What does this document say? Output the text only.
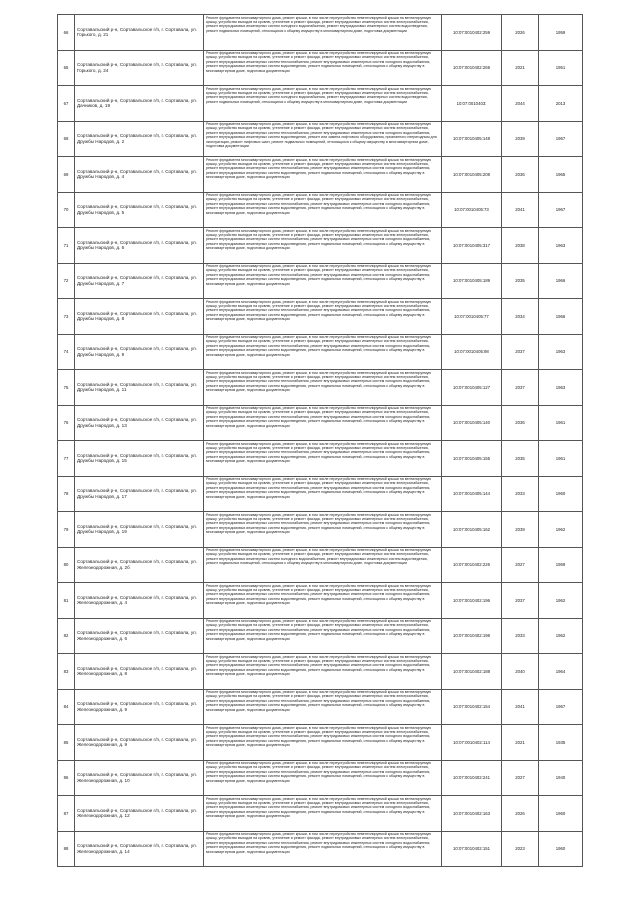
66	Сортавальский р-н, Сортавальское г/п, г. Сортавала, ул. Горького, д. 21	Ремонт фундамента многоквартирного дома, ремонт крыши, в том числе переустройство невентилируемой крыши на вентилируемую крышу, устройство выходов на кровлю, утепление и ремонт фасада, ремонт внутридомовых инженерных систем электроснабжения, ремонт внутридомовых инженерных систем холодного водоснабжения, ремонт внутридомовых инженерных систем водоотведения, ремонт подвальных помещений, относящихся к общему имуществу в многоквартирном доме, подготовка документации	10:07:0010402:259	2026	1959
65	Сортавальский р-н, Сортавальское г/п, г. Сортавала, ул. Горького, д. 24	Ремонт фундамента многоквартирного дома, ремонт крыши, в том числе переустройство невентилируемой крыши на вентилируемую крышу, устройство выходов на кровлю, утепление и ремонт фасада, ремонт внутридомовых инженерных систем электроснабжения, ремонт внутридомовых инженерных систем теплоснабжения, ремонт внутридомовых инженерных систем холодного водоснабжения, ремонт внутридомовых инженерных систем водоотведения, ремонт подвальных помещений, относящихся к общему имуществу в многоквартирном доме, подготовка документации	10:07:0010402:269	2021	1951
67	Сортавальский р-н, Сортавальское г/п, г. Сортавала, ул. Дачников, д. 19	Ремонт фундамента многоквартирного дома, ремонт крыши, в том числе переустройство невентилируемой крыши на вентилируемую крышу, устройство выходов на кровлю, утепление и ремонт фасада, ремонт внутридомовых инженерных систем электроснабжения, ремонт внутридомовых инженерных систем холодного водоснабжения, ремонт внутридомовых инженерных систем водоотведения, ремонт подвальных помещений, относящихся к общему имуществу в многоквартирном доме, подготовка документации	10:07:0010403:	2044	2013
68	Сортавальский р-н, Сортавальское г/п, г. Сортавала, ул. Дружбы Народов, д. 2	Ремонт фундамента многоквартирного дома, ремонт крыши, в том числе переустройство невентилируемой крыши на вентилируемую крышу, устройство выходов на кровлю, утепление и ремонт фасада, ремонт внутридомовых инженерных систем электроснабжения, ремонт внутридомовых инженерных систем теплоснабжения, ремонт внутридомовых инженерных систем холодного водоснабжения, ремонт внутридомовых инженерных систем водоотведения, ремонт или замена лифтового оборудования, признанного непригодным для эксплуатации, ремонт лифтовых шахт, ремонт подвальных помещений, относящихся к общему имуществу в многоквартирном доме, подготовка документации	10:07:0010405:148	2039	1967
69	Сортавальский р-н, Сортавальское г/п, г. Сортавала, ул. Дружбы Народов, д. 4	Ремонт фундамента многоквартирного дома, ремонт крыши, в том числе переустройство невентилируемой крыши на вентилируемую крышу, устройство выходов на кровлю, утепление и ремонт фасада, ремонт внутридомовых инженерных систем электроснабжения, ремонт внутридомовых инженерных систем теплоснабжения, ремонт внутридомовых инженерных систем холодного водоснабжения, ремонт внутридомовых инженерных систем водоотведения, ремонт подвальных помещений, относящихся к общему имуществу в многоквартирном доме, подготовка документации	10:07:0010405:208	2036	1965
70	Сортавальский р-н, Сортавальское г/п, г. Сортавала, ул. Дружбы Народов, д. 5	Ремонт фундамента многоквартирного дома, ремонт крыши, в том числе переустройство невентилируемой крыши на вентилируемую крышу, устройство выходов на кровлю, утепление и ремонт фасада, ремонт внутридомовых инженерных систем электроснабжения, ремонт внутридомовых инженерных систем теплоснабжения, ремонт внутридомовых инженерных систем холодного водоснабжения, ремонт внутридомовых инженерных систем водоотведения, ремонт подвальных помещений, относящихся к общему имуществу в многоквартирном доме, подготовка документации	10:07:0010405:73	2041	1967
71	Сортавальский р-н, Сортавальское г/п, г. Сортавала, ул. Дружбы Народов, д. 6	Ремонт фундамента многоквартирного дома, ремонт крыши, в том числе переустройство невентилируемой крыши на вентилируемую крышу, устройство выходов на кровлю, утепление и ремонт фасада, ремонт внутридомовых инженерных систем электроснабжения, ремонт внутридомовых инженерных систем теплоснабжения, ремонт внутридомовых инженерных систем холодного водоснабжения, ремонт внутридомовых инженерных систем водоотведения, ремонт подвальных помещений, относящихся к общему имуществу в многоквартирном доме, подготовка документации	10:07:0010405:317	2038	1963
72	Сортавальский р-н, Сортавальское г/п, г. Сортавала, ул. Дружбы Народов, д. 7	Ремонт фундамента многоквартирного дома, ремонт крыши, в том числе переустройство невентилируемой крыши на вентилируемую крышу, устройство выходов на кровлю, утепление и ремонт фасада, ремонт внутридомовых инженерных систем электроснабжения, ремонт внутридомовых инженерных систем теплоснабжения, ремонт внутридомовых инженерных систем холодного водоснабжения, ремонт внутридомовых инженерных систем водоотведения, ремонт подвальных помещений, относящихся к общему имуществу в многоквартирном доме, подготовка документации	10:07:0010405:189	2035	1966
73	Сортавальский р-н, Сортавальское г/п, г. Сортавала, ул. Дружбы Народов, д. 8	Ремонт фундамента многоквартирного дома, ремонт крыши, в том числе переустройство невентилируемой крыши на вентилируемую крышу, устройство выходов на кровлю, утепление и ремонт фасада, ремонт внутридомовых инженерных систем электроснабжения, ремонт внутридомовых инженерных систем теплоснабжения, ремонт внутридомовых инженерных систем холодного водоснабжения, ремонт внутридомовых инженерных систем водоотведения, ремонт подвальных помещений, относящихся к общему имуществу в многоквартирном доме, подготовка документации	10:07:0010405:77	2034	1966
74	Сортавальский р-н, Сортавальское г/п, г. Сортавала, ул. Дружбы Народов, д. 9	Ремонт фундамента многоквартирного дома, ремонт крыши, в том числе переустройство невентилируемой крыши на вентилируемую крышу, устройство выходов на кровлю, утепление и ремонт фасада, ремонт внутридомовых инженерных систем электроснабжения, ремонт внутридомовых инженерных систем теплоснабжения, ремонт внутридомовых инженерных систем холодного водоснабжения, ремонт внутридомовых инженерных систем водоотведения, ремонт подвальных помещений, относящихся к общему имуществу в многоквартирном доме, подготовка документации	10:07:0010405:98	2037	1963
75	Сортавальский р-н, Сортавальское г/п, г. Сортавала, ул. Дружбы Народов, д. 11	Ремонт фундамента многоквартирного дома, ремонт крыши, в том числе переустройство невентилируемой крыши на вентилируемую крышу, устройство выходов на кровлю, утепление и ремонт фасада, ремонт внутридомовых инженерных систем электроснабжения, ремонт внутридомовых инженерных систем теплоснабжения, ремонт внутридомовых инженерных систем холодного водоснабжения, ремонт внутридомовых инженерных систем водоотведения, ремонт подвальных помещений, относящихся к общему имуществу в многоквартирном доме, подготовка документации	10:07:0010405:127	2037	1963
76	Сортавальский р-н, Сортавальское г/п, г. Сортавала, ул. Дружбы Народов, д. 13	Ремонт фундамента многоквартирного дома, ремонт крыши, в том числе переустройство невентилируемой крыши на вентилируемую крышу, устройство выходов на кровлю, утепление и ремонт фасада, ремонт внутридомовых инженерных систем электроснабжения, ремонт внутридомовых инженерных систем теплоснабжения, ремонт внутридомовых инженерных систем холодного водоснабжения, ремонт внутридомовых инженерных систем водоотведения, ремонт подвальных помещений, относящихся к общему имуществу в многоквартирном доме, подготовка документации	10:07:0010405:140	2036	1961
77	Сортавальский р-н, Сортавальское г/п, г. Сортавала, ул. Дружбы Народов, д. 15	Ремонт фундамента многоквартирного дома, ремонт крыши, в том числе переустройство невентилируемой крыши на вентилируемую крышу, устройство выходов на кровлю, утепление и ремонт фасада, ремонт внутридомовых инженерных систем электроснабжения, ремонт внутридомовых инженерных систем теплоснабжения, ремонт внутридомовых инженерных систем холодного водоснабжения, ремонт внутридомовых инженерных систем водоотведения, ремонт подвальных помещений, относящихся к общему имуществу в многоквартирном доме, подготовка документации	10:07:0010405:155	2035	1961
78	Сортавальский р-н, Сортавальское г/п, г. Сортавала, ул. Дружбы Народов, д. 17	Ремонт фундамента многоквартирного дома, ремонт крыши, в том числе переустройство невентилируемой крыши на вентилируемую крышу, устройство выходов на кровлю, утепление и ремонт фасада, ремонт внутридомовых инженерных систем электроснабжения, ремонт внутридомовых инженерных систем теплоснабжения, ремонт внутридомовых инженерных систем холодного водоснабжения, ремонт внутридомовых инженерных систем водоотведения, ремонт подвальных помещений, относящихся к общему имуществу в многоквартирном доме, подготовка документации	10:07:0010405:144	2033	1960
79	Сортавальский р-н, Сортавальское г/п, г. Сортавала, ул. Дружбы Народов, д. 19	Ремонт фундамента многоквартирного дома, ремонт крыши, в том числе переустройство невентилируемой крыши на вентилируемую крышу, устройство выходов на кровлю, утепление и ремонт фасада, ремонт внутридомовых инженерных систем электроснабжения, ремонт внутридомовых инженерных систем теплоснабжения, ремонт внутридомовых инженерных систем холодного водоснабжения, ремонт внутридомовых инженерных систем водоотведения, ремонт подвальных помещений, относящихся к общему имуществу в многоквартирном доме, подготовка документации	10:07:0010405:162	2039	1962
80	Сортавальский р-н, Сортавальское г/п, г. Сортавала, ул. Железнодорожная, д. 2б	Ремонт фундамента многоквартирного дома, ремонт крыши, в том числе переустройство невентилируемой крыши на вентилируемую крышу, устройство выходов на кровлю, утепление и ремонт фасада, ремонт внутридомовых инженерных систем электроснабжения, ремонт внутридомовых инженерных систем холодного водоснабжения, ремонт внутридомовых инженерных систем водоотведения, ремонт подвальных помещений, относящихся к общему имуществу в многоквартирном доме, подготовка документации	10:07:0010402:226	2027	1959
81	Сортавальский р-н, Сортавальское г/п, г. Сортавала, ул. Железнодорожная, д. 4	Ремонт фундамента многоквартирного дома, ремонт крыши, в том числе переустройство невентилируемой крыши на вентилируемую крышу, устройство выходов на кровлю, утепление и ремонт фасада, ремонт внутридомовых инженерных систем электроснабжения, ремонт внутридомовых инженерных систем теплоснабжения, ремонт внутридомовых инженерных систем холодного водоснабжения, ремонт внутридомовых инженерных систем водоотведения, ремонт подвальных помещений, относящихся к общему имуществу в многоквартирном доме, подготовка документации	10:07:0010402:196	2037	1962
82	Сортавальский р-н, Сортавальское г/п, г. Сортавала, ул. Железнодорожная, д. 6	Ремонт фундамента многоквартирного дома, ремонт крыши, в том числе переустройство невентилируемой крыши на вентилируемую крышу, устройство выходов на кровлю, утепление и ремонт фасада, ремонт внутридомовых инженерных систем электроснабжения, ремонт внутридомовых инженерных систем теплоснабжения, ремонт внутридомовых инженерных систем холодного водоснабжения, ремонт внутридомовых инженерных систем водоотведения, ремонт подвальных помещений, относящихся к общему имуществу в многоквартирном доме, подготовка документации	10:07:0010402:198	2033	1962
83	Сортавальский р-н, Сортавальское г/п, г. Сортавала, ул. Железнодорожная, д. 8	Ремонт фундамента многоквартирного дома, ремонт крыши, в том числе переустройство невентилируемой крыши на вентилируемую крышу, устройство выходов на кровлю, утепление и ремонт фасада, ремонт внутридомовых инженерных систем электроснабжения, ремонт внутридомовых инженерных систем теплоснабжения, ремонт внутридомовых инженерных систем холодного водоснабжения, ремонт внутридомовых инженерных систем водоотведения, ремонт подвальных помещений, относящихся к общему имуществу в многоквартирном доме, подготовка документации	10:07:0010402:188	2040	1964
84	Сортавальский р-н, Сортавальское г/п, г. Сортавала, ул. Железнодорожная, д. 9	Ремонт фундамента многоквартирного дома, ремонт крыши, в том числе переустройство невентилируемой крыши на вентилируемую крышу, устройство выходов на кровлю, утепление и ремонт фасада, ремонт внутридомовых инженерных систем электроснабжения, ремонт внутридомовых инженерных систем теплоснабжения, ремонт внутридомовых инженерных систем холодного водоснабжения, ремонт внутридомовых инженерных систем водоотведения, ремонт подвальных помещений, относящихся к общему имуществу в многоквартирном доме, подготовка документации	10:07:0010402:154	2041	1967
85	Сортавальский р-н, Сортавальское г/п, г. Сортавала, ул. Железнодорожная, д. 9	Ремонт фундамента многоквартирного дома, ремонт крыши, в том числе переустройство невентилируемой крыши на вентилируемую крышу, устройство выходов на кровлю, утепление и ремонт фасада, ремонт внутридомовых инженерных систем электроснабжения, ремонт внутридомовых инженерных систем теплоснабжения, ремонт внутридомовых инженерных систем холодного водоснабжения, ремонт внутридомовых инженерных систем водоотведения, ремонт подвальных помещений, относящихся к общему имуществу в многоквартирном доме, подготовка документации	10:07:0010402:114	2021	1935
86	Сортавальский р-н, Сортавальское г/п, г. Сортавала, ул. Железнодорожная, д. 10	Ремонт фундамента многоквартирного дома, ремонт крыши, в том числе переустройство невентилируемой крыши на вентилируемую крышу, устройство выходов на кровлю, утепление и ремонт фасада, ремонт внутридомовых инженерных систем электроснабжения, ремонт внутридомовых инженерных систем теплоснабжения, ремонт внутридомовых инженерных систем холодного водоснабжения, ремонт внутридомовых инженерных систем водоотведения, ремонт подвальных помещений, относящихся к общему имуществу в многоквартирном доме, подготовка документации	10:07:0010402:241	2027	1940
87	Сортавальский р-н, Сортавальское г/п, г. Сортавала, ул. Железнодорожная, д. 12	Ремонт фундамента многоквартирного дома, ремонт крыши, в том числе переустройство невентилируемой крыши на вентилируемую крышу, устройство выходов на кровлю, утепление и ремонт фасада, ремонт внутридомовых инженерных систем электроснабжения, ремонт внутридомовых инженерных систем теплоснабжения, ремонт внутридомовых инженерных систем холодного водоснабжения, ремонт внутридомовых инженерных систем водоотведения, ремонт подвальных помещений, относящихся к общему имуществу в многоквартирном доме, подготовка документации	10:07:0010402:163	2026	1960
88	Сортавальский р-н, Сортавальское г/п, г. Сортавала, ул. Железнодорожная, д. 14	Ремонт фундамента многоквартирного дома, ремонт крыши, в том числе переустройство невентилируемой крыши на вентилируемую крышу, устройство выходов на кровлю, утепление и ремонт фасада, ремонт внутридомовых инженерных систем электроснабжения, ремонт внутридомовых инженерных систем теплоснабжения, ремонт внутридомовых инженерных систем холодного водоснабжения, ремонт внутридомовых инженерных систем водоотведения, ремонт подвальных помещений, относящихся к общему имуществу в многоквартирном доме, подготовка документации	10:07:0010402:151	2023	1960
